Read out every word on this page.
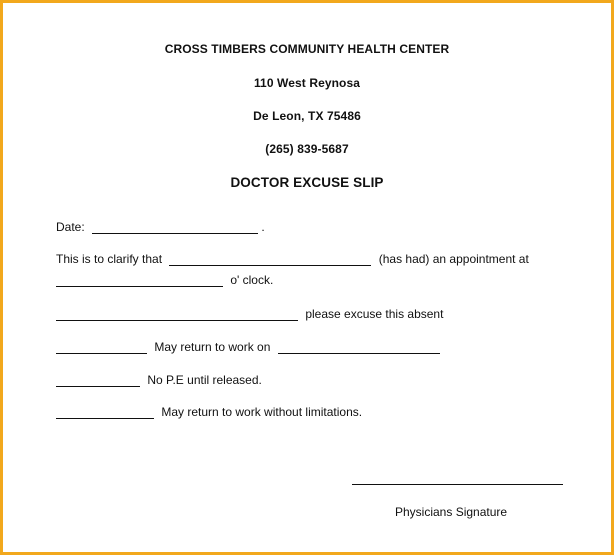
CROSS TIMBERS COMMUNITY HEALTH CENTER
110 West Reynosa
De Leon, TX 75486
(265) 839-5687
DOCTOR EXCUSE SLIP
Date:	.
This is to clarify that	(has had) an appointment at
o' clock.
please excuse this absent
May return to work on
No P.E until released.
May return to work without limitations.
Physicians Signature
